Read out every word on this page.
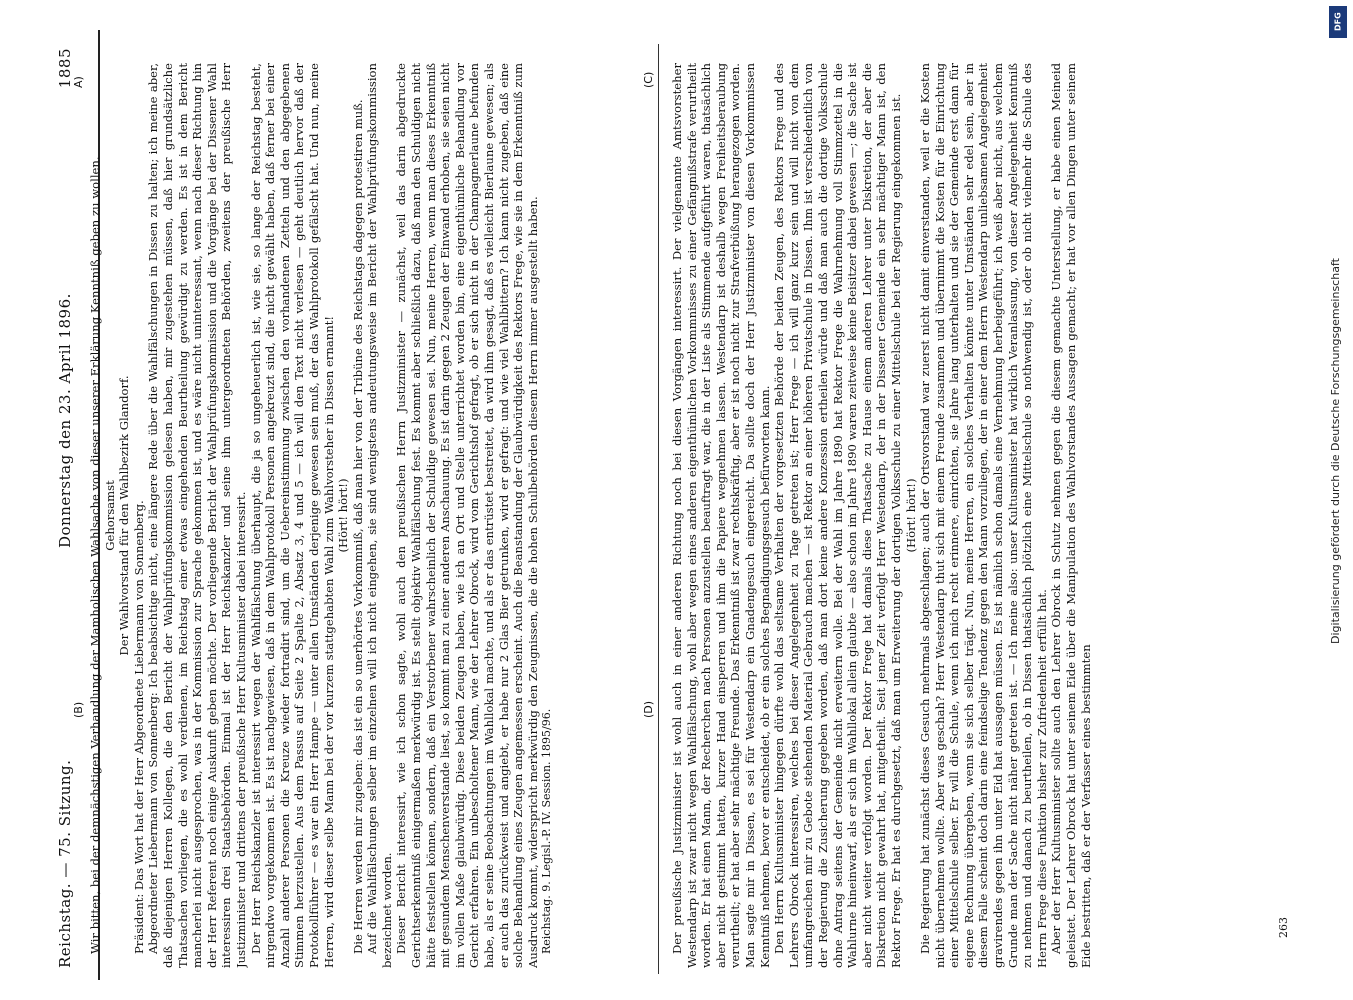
Reichstag. — 75. Sitzung.
Donnerstag den 23. April 1896.
1885

Wir bitten, bei der demnächstigen Verhandlung der Mamholischen Wahlsache von dieser unserer Erklärung Kenntniß geben zu wollen. Gehorsamst Der Wahlvorstand für den Wahlbezirk Glandorf. Präsident: Das Wort hat der Herr Abgeordnete Liebermann von Sonnenberg. Abgeordneter Liebermann von Sonnenberg: Ich beabsichtige nicht, eine längere Rede über die Wahlfälschungen in Dissen zu halten; ich meine aber, daß diejenigen Herren Kollegen, die den Bericht der Wahlprüfungskommission gelesen haben, mir zugestehen müssen, daß hier grundsätzliche Thatsachen vorliegen, die es wohl verdienen, im Reichstag einer etwas eingehenden Beurtheilung gewürdigt zu werden. Es ist in dem Bericht mancherlei nicht ausgesprochen, was in der Kommission zur Sprache gekommen ist, und es wäre nicht uninteressant, wenn nach dieser Richtung hin der Herr Referent noch einige Auskunft geben möchte. Der vorliegende Bericht der Wahlprüfungskommission und die Vorgänge bei der Dissener Wahl interessiren drei Staatsbehörden. Einmal ist der Herr Reichskanzler und seine ihm untergeordneten Behörden, zweitens der preußische Herr Justizminister und drittens der preußische Herr Kultusminister dabei interessirt. Der Herr Reichskanzler ist interessirt wegen der Wahlfälschung überhaupt, die ja so ungeheuerlich ist, wie sie, so lange der Reichstag besteht, nirgendwo vorgekommen ist. Es ist nachgewiesen, daß in dem Wahlprotokoll Personen angekreuzt sind, die nicht gewählt haben, daß ferner bei einer Anzahl anderer Personen die Kreuze wieder fortradirt sind, um die Uebereinstimmung zwischen den vorhandenen Zetteln und den abgegebenen Stimmen herzustellen. Aus dem Passus auf Seite 2 Spalte 2, Absatz 3, 4 und 5 — ich will den Text nicht verlesen — geht deutlich hervor daß der Protokollführer — es war ein Herr Hampe — unter allen Umständen derjenige gewesen sein muß, der das Wahlprotokoll gefälscht hat. Und nun, meine Herren, wird dieser selbe Mann bei der vor kurzem stattgehabten Wahl zum Wahlvorsteher in Dissen ernannt! (Hört! hört!) Die Herren werden mir zugeben: das ist ein so unerhörtes Vorkommniß, daß man hier von der Tribüne des Reichstags dagegen protestiren muß. Auf die Wahlfälschungen selber im einzelnen will ich nicht eingehen, sie sind wenigstens andeutungsweise im Bericht der Wahlprüfungskommission bezeichnet worden. Dieser Bericht interessirt, wie ich schon sagte, wohl auch den preußischen Herrn Justizminister — zunächst, weil das darin abgedruckte Gerichtserkenntniß einigermaßen merkwürdig ist. Es stellt objektiv Wahlfälschung fest. Es kommt aber schließlich dazu, daß man den Schuldigen nicht hätte feststellen können, sondern, daß ein Verstorbener wahrscheinlich der Schuldige gewesen sei. Nun, meine Herren, wenn man dieses Erkenntniß mit gesundem Menschenverstande liest, so kommt man zu einer anderen Anschauung. Es ist darin gegen 2 Zeugen der Einwand erhoben, sie seien nicht im vollen Maße glaubwürdig. Diese beiden Zeugen haben, wie ich an Ort und Stelle unterrichtet worden bin, eine eigenthümliche Behandlung vor Gericht erfahren. Ein unbescholtener Mann, wie der Lehrer Obrock, wird vom Gerichtshof gefragt, ob er sich nicht in der Champagnerlaune befunden habe, als er seine Beobachtungen im Wahllokal machte, und als er das entrüstet bestreitet, da wird ihm gesagt, daß es vielleicht Bierlaune gewesen; als er auch das zurückweist und angiebt, er habe nur 2 Glas Bier getrunken, wird er gefragt: und wie viel Wahlbittern? Ich kann nicht zugeben, daß eine solche Behandlung eines Zeugen angemessen erscheint. Auch die Beanstandung der Glaubwürdigkeit des Rektors Frege, wie sie in dem Erkenntniß zum Ausdruck kommt, widerspricht merkwürdig den Zeugnissen, die die hohen Schulbehörden diesem Herrn immer ausgestellt haben. Reichstag. 9. Legisl.-P. IV. Session. 1895/96.	Der preußische Justizminister ist wohl auch in einer anderen Richtung noch bei diesen Vorgängen interessirt. Der vielgenannte Amtsvorsteher Westendarp ist zwar nicht wegen Wahlfälschung, wohl aber wegen eines anderen eigenthümlichen Vorkommnisses zu einer Gefängnißstrafe verurtheilt worden. Er hat einen Mann, der Recherchen nach Personen anzustellen beauftragt war, die in der Liste als Stimmende aufgeführt waren, thatsächlich aber nicht gestimmt hatten, kurzer Hand einsperren und ihm die Papiere wegnehmen lassen. Westendarp ist deshalb wegen Freiheitsberaubung verurtheilt; er hat aber sehr mächtige Freunde. Das Erkenntniß ist zwar rechtskräftig, aber er ist noch nicht zur Strafverbüßung herangezogen worden. Man sagte mir in Dissen, es sei für Westendarp ein Gnadengesuch eingereicht. Da sollte doch der Herr Justizminister von diesen Vorkommnissen Kenntniß nehmen, bevor er entscheidet, ob er ein solches Begnadigungsgesuch befürworten kann. Den Herrn Kultusminister hingegen dürfte wohl das seltsame Verhalten der vorgesetzten Behörde der beiden Zeugen, des Rektors Frege und des Lehrers Obrock interessiren, welches bei dieser Angelegenheit zu Tage getreten ist; Herr Frege — ich will ganz kurz sein und will nicht von dem umfangreichen mir zu Gebote stehenden Material Gebrauch machen — ist Rektor an einer höheren Privatschule in Dissen. Ihm ist verschiedentlich von der Regierung die Zusicherung gegeben worden, daß man dort keine andere Konzession ertheilen würde und daß man auch die dortige Volksschule ohne Antrag seitens der Gemeinde nicht erweitern wolle. Bei der Wahl im Jahre 1890 hat Rektor Frege die Wahrnehmung voll Stimmzettel in die Wahlurne hineinwarf, als er sich im Wahllokal allein glaubte — also schon im Jahre 1890 waren zeitweise keine Beisitzer dabei gewesen —; die Sache ist aber nicht weiter verfolgt worden. Der Rektor Frege hat damals diese Thatsache zu Hause einem anderen Lehrer unter Diskretion, der aber die Diskretion nicht gewahrt hat, mitgetheilt. Seit jener Zeit verfolgt Herr Westendarp, der in der Dissener Gemeinde ein sehr mächtiger Mann ist, den Rektor Frege. Er hat es durchgesetzt, daß man um Erweiterung der dortigen Volksschule zu einer Mittelschule bei der Regierung eingekommen ist. (Hört! hört!) Die Regierung hat zunächst dieses Gesuch mehrmals abgeschlagen; auch der Ortsvorstand war zuerst nicht damit einverstanden, weil er die Kosten nicht übernehmen wollte. Aber was geschah? Herr Westendarp thut sich mit einem Freunde zusammen und übernimmt die Kosten für die Einrichtung einer Mittelschule selber. Er will die Schule, wenn ich mich recht erinnere, einrichten, sie Jahre lang unterhalten und sie der Gemeinde erst dann für eigene Rechnung übergeben, wenn sie sich selber trägt. Nun, meine Herren, ein solches Verhalten könnte unter Umständen sehr edel sein, aber in diesem Falle scheint doch darin eine feindselige Tendenz gegen den Mann vorzuliegen, der in einer dem Herrn Westendarp unliebsamen Angelegenheit gravirendes gegen ihn unter Eid hat aussagen müssen. Es ist nämlich schon damals eine Vernehmung herbeigeführt; ich weiß aber nicht, aus welchem Grunde man der Sache nicht näher getreten ist. — Ich meine also: unser Kultusminister hat wirklich Veranlassung, von dieser Angelegenheit Kenntniß zu nehmen und danach zu beurtheilen, ob in Dissen thatsächlich plötzlich eine Mittelschule so nothwendig ist, oder ob nicht vielmehr die Schule des Herrn Frege diese Funktion bisher zur Zufriedenheit erfüllt hat. Aber der Herr Kultusminister sollte auch den Lehrer Obrock in Schutz nehmen gegen die diesem gemachte Unterstellung, er habe einen Meineid geleistet. Der Lehrer Obrock hat unter seinem Eide über die Manipulation des Wahlvorstandes Aussagen gemacht; er hat vor allen Dingen unter seinem Eide bestritten, daß er der Verfasser eines bestimmten

A)
(B)
(C)
(D)
263
DFG
Digitalisierung gefördert durch die Deutsche Forschungsgemeinschaft
